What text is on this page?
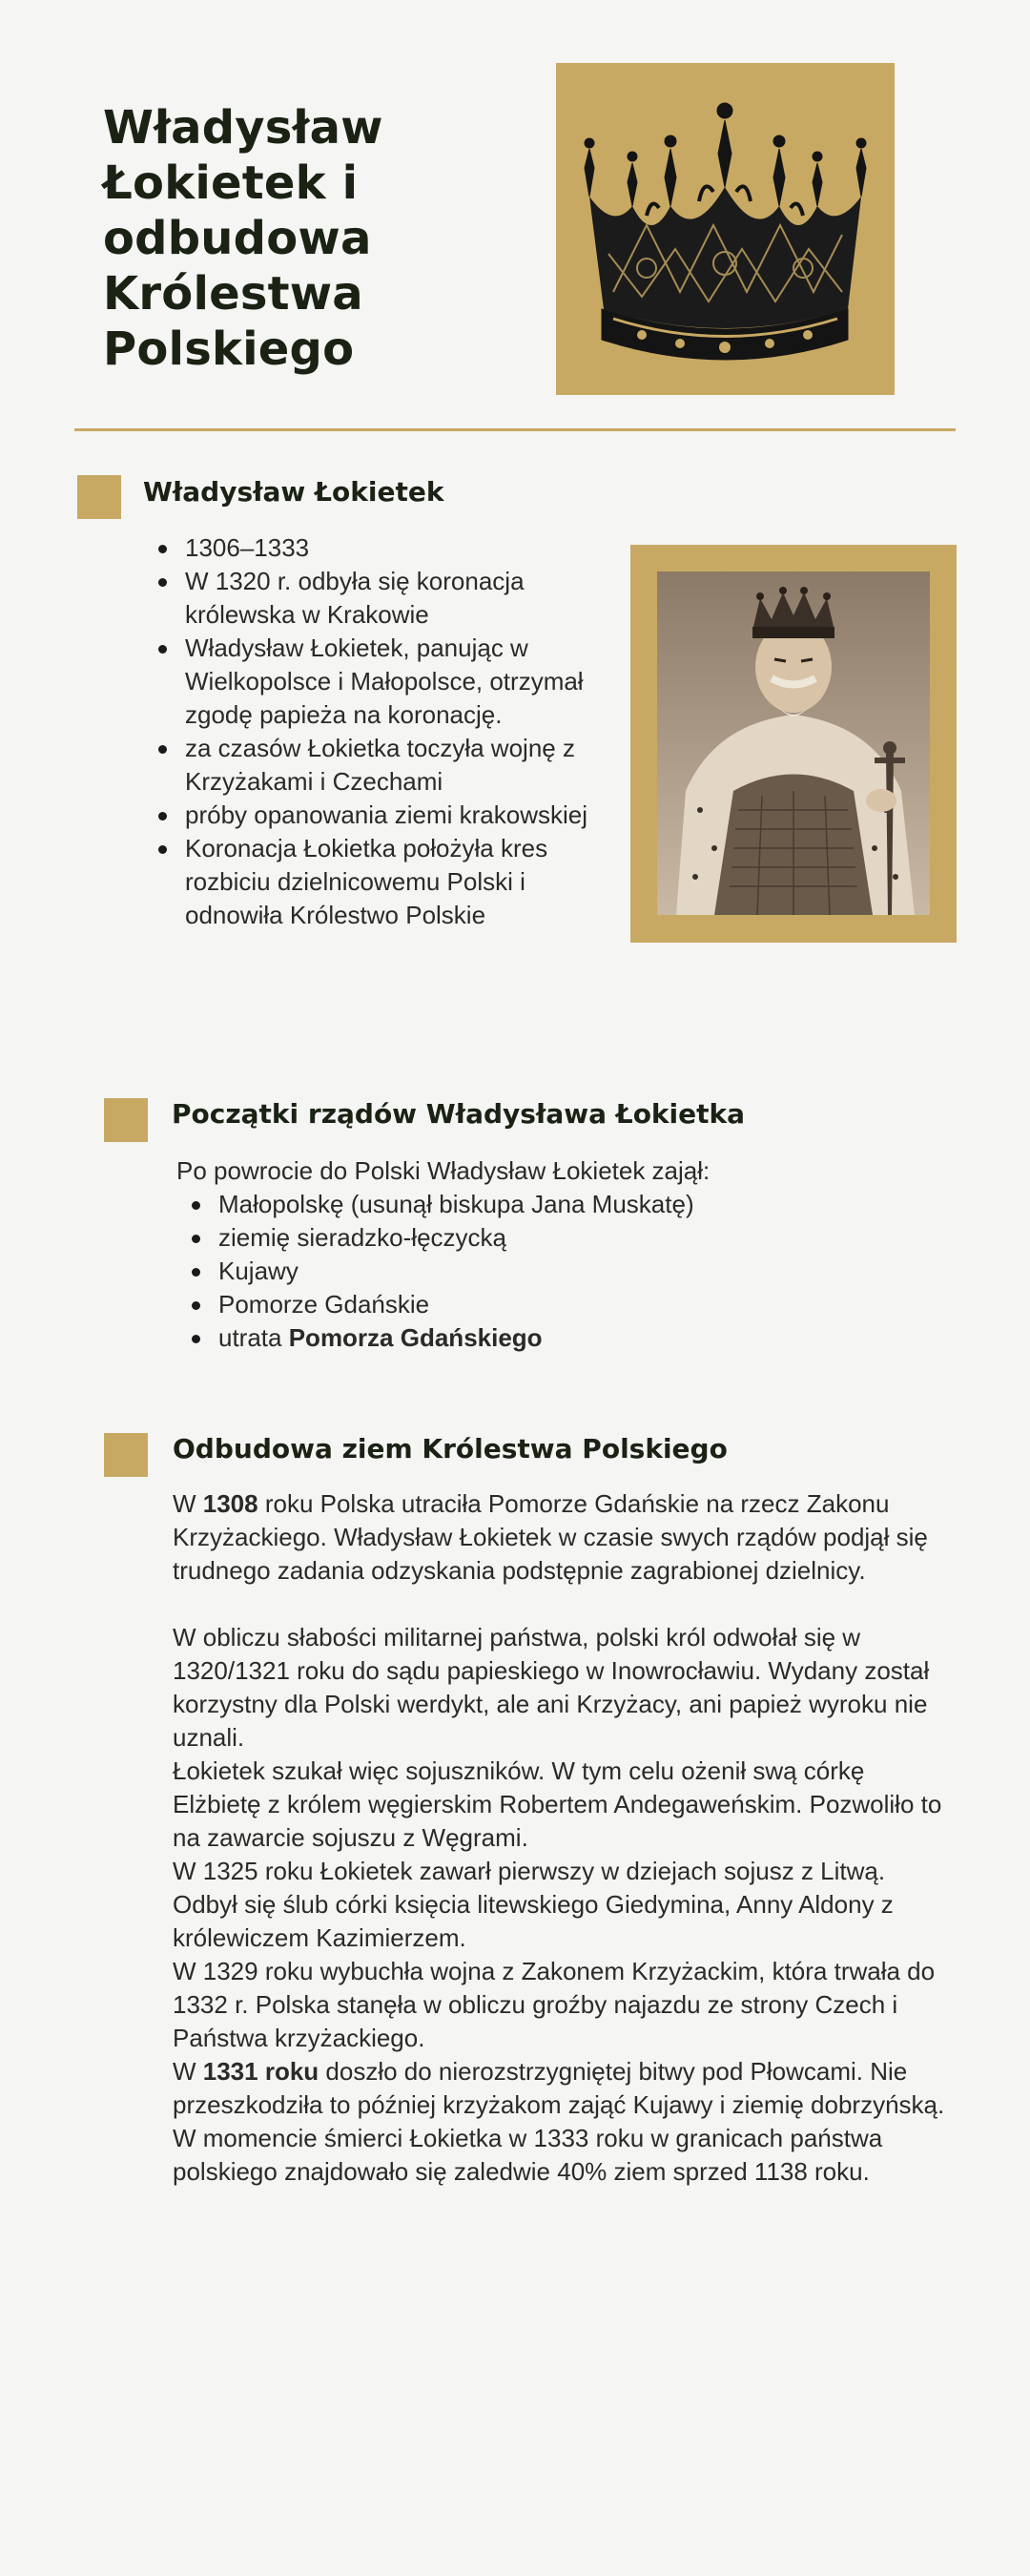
Władysław
Łokietek i
odbudowa
Królestwa
Polskiego
Władysław Łokietek
1306–1333
W 1320 r. odbyła się koronacja królewska w Krakowie
Władysław Łokietek, panując w Wielkopolsce i Małopolsce, otrzymał zgodę papieża na koronację.
za czasów Łokietka toczyła wojnę z Krzyżakami i Czechami
próby opanowania ziemi krakowskiej
Koronacja Łokietka położyła kres rozbiciu dzielnicowemu Polski i odnowiła Królestwo Polskie
Początki rządów Władysława Łokietka

Po powrocie do Polski Władysław Łokietek zajął:

Małopolskę (usunął biskupa Jana Muskatę)
ziemię sieradzko-łęczycką
Kujawy
Pomorze Gdańskie
utrata Pomorza Gdańskiego
Odbudowa ziem Królestwa Polskiego

W 1308 roku Polska utraciła Pomorze Gdańskie na rzecz Zakonu Krzyżackiego. Władysław Łokietek w czasie swych rządów podjął się trudnego zadania odzyskania podstępnie zagrabionej dzielnicy.

W obliczu słabości militarnej państwa, polski król odwołał się w 1320/1321 roku do sądu papieskiego w Inowrocławiu. Wydany został korzystny dla Polski werdykt, ale ani Krzyżacy, ani papież wyroku nie uznali.

Łokietek szukał więc sojuszników. W tym celu ożenił swą córkę Elżbietę z królem węgierskim Robertem Andegaweńskim. Pozwoliło to na zawarcie sojuszu z Węgrami.

W 1325 roku Łokietek zawarł pierwszy w dziejach sojusz z Litwą. Odbył się ślub córki księcia litewskiego Giedymina, Anny Aldony z królewiczem Kazimierzem.

W 1329 roku wybuchła wojna z Zakonem Krzyżackim, która trwała do 1332 r. Polska stanęła w obliczu groźby najazdu ze strony Czech i Państwa krzyżackiego.

W 1331 roku doszło do nierozstrzygniętej bitwy pod Płowcami. Nie przeszkodziła to później krzyżakom zająć Kujawy i ziemię dobrzyńską.

W momencie śmierci Łokietka w 1333 roku w granicach państwa polskiego znajdowało się zaledwie 40% ziem sprzed 1138 roku.
